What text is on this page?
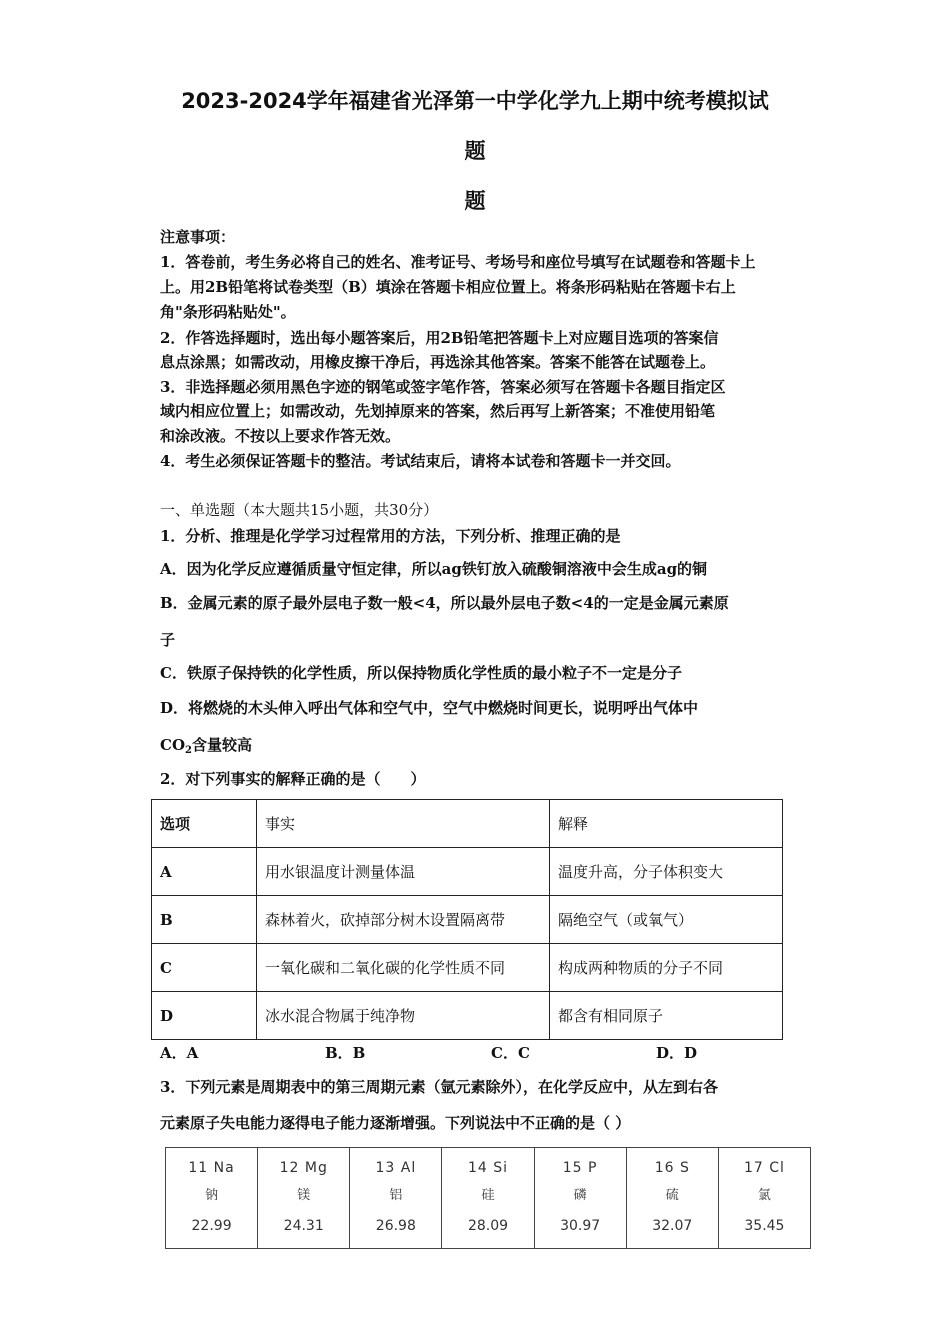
2023-2024学年福建省光泽第一中学化学九上期中统考模拟试
题
题
注意事项：
1．答卷前，考生务必将自己的姓名、准考证号、考场号和座位号填写在试题卷和答题卡上
上。用2B铅笔将试卷类型（B）填涂在答题卡相应位置上。将条形码粘贴在答题卡右上
角"条形码粘贴处"。
2．作答选择题时，选出每小题答案后，用2B铅笔把答题卡上对应题目选项的答案信
息点涂黑；如需改动，用橡皮擦干净后，再选涂其他答案。答案不能答在试题卷上。
3．非选择题必须用黑色字迹的钢笔或签字笔作答，答案必须写在答题卡各题目指定区
域内相应位置上；如需改动，先划掉原来的答案，然后再写上新答案；不准使用铅笔
和涂改液。不按以上要求作答无效。
4．考生必须保证答题卡的整洁。考试结束后，请将本试卷和答题卡一并交回。
一、单选题（本大题共15小题，共30分）
1．分析、推理是化学学习过程常用的方法，下列分析、推理正确的是
A．因为化学反应遵循质量守恒定律，所以ag铁钉放入硫酸铜溶液中会生成ag的铜
B．金属元素的原子最外层电子数一般<4，所以最外层电子数<4的一定是金属元素原
子
C．铁原子保持铁的化学性质，所以保持物质化学性质的最小粒子不一定是分子
D．将燃烧的木头伸入呼出气体和空气中，空气中燃烧时间更长，说明呼出气体中
$CO_2$含量较高
2．对下列事实的解释正确的是（　　）
选项	事实	解释
A	用水银温度计测量体温	温度升高，分子体积变大
B	森林着火，砍掉部分树木设置隔离带	隔绝空气（或氧气）
C	一氧化碳和二氧化碳的化学性质不同	构成两种物质的分子不同
D	冰水混合物属于纯净物	都含有相同原子
A．A	B．B	C．C	D．D
3．下列元素是周期表中的第三周期元素（氩元素除外），在化学反应中，从左到右各
元素原子失电能力逐得电子能力逐渐增强。下列说法中不正确的是（ ）
11 Na
钠
22.99

12 Mg
镁
24.31

13 Al
铝
26.98

14 Si
硅
28.09

15 P
磷
30.97

16 S
硫
32.07

17 Cl
氯
35.45
